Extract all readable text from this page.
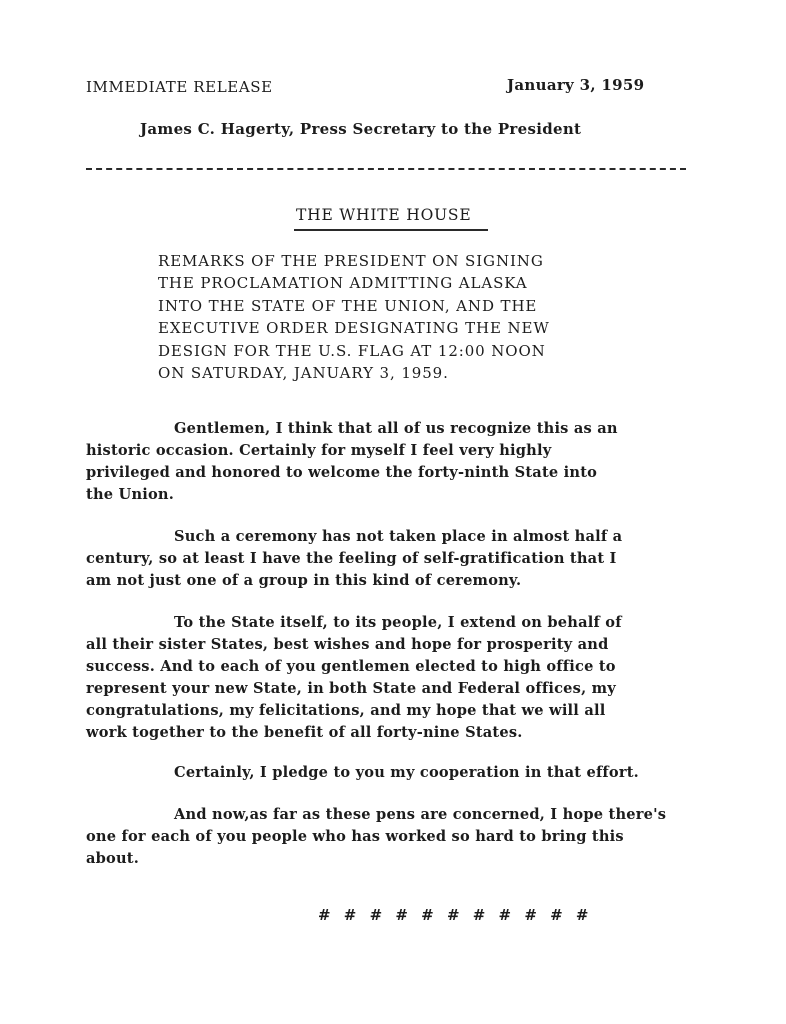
IMMEDIATE RELEASE	January 3, 1959
James C. Hagerty, Press Secretary to the President
THE WHITE HOUSE
REMARKS OF THE PRESIDENT ON SIGNING
THE PROCLAMATION ADMITTING ALASKA
INTO THE STATE OF THE UNION, AND THE
EXECUTIVE ORDER DESIGNATING THE NEW
DESIGN FOR THE U.S. FLAG AT 12:00 NOON
ON SATURDAY, JANUARY 3, 1959.
Gentlemen, I think that all of us recognize this as an
historic occasion. Certainly for myself I feel very highly
privileged and honored to welcome the forty-ninth State into
the Union.
Such a ceremony has not taken place in almost half a
century, so at least I have the feeling of self-gratification that I
am not just one of a group in this kind of ceremony.
To the State itself, to its people, I extend on behalf of
all their sister States, best wishes and hope for prosperity and
success. And to each of you gentlemen elected to high office to
represent your new State, in both State and Federal offices, my
congratulations, my felicitations, and my hope that we will all
work together to the benefit of all forty-nine States.
Certainly, I pledge to you my cooperation in that effort.
And now,as far as these pens are concerned, I hope there's
one for each of you people who has worked so hard to bring this
about.
# # # # # # # # # # #
